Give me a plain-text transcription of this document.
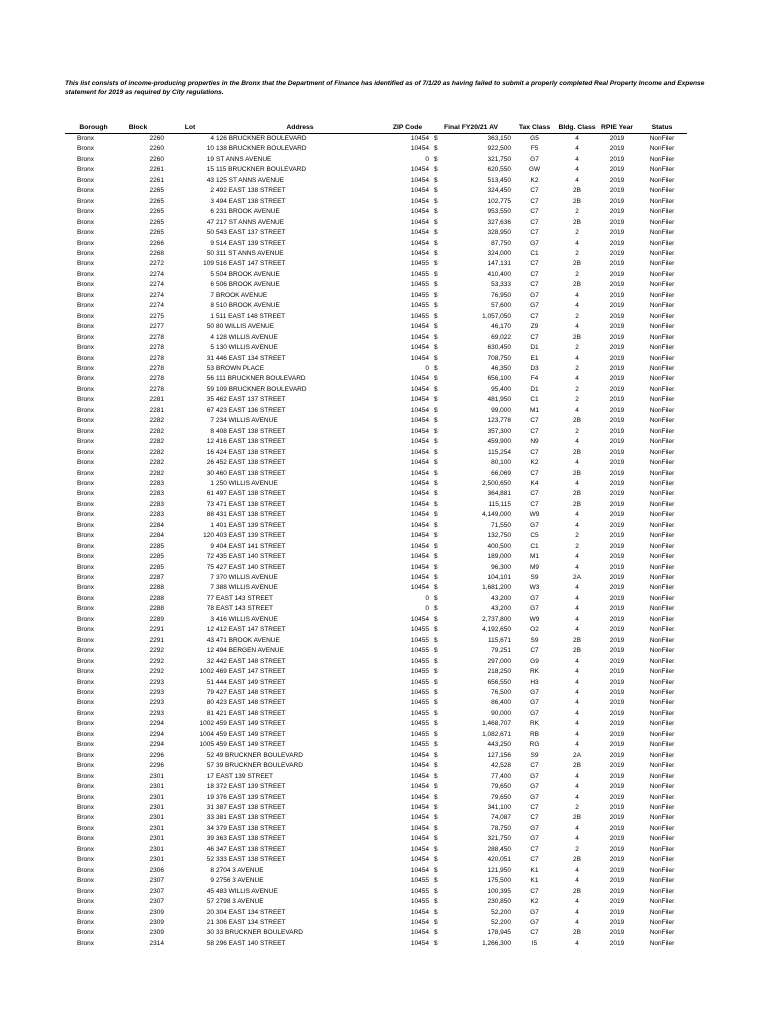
This list consists of income-producing properties in the Bronx that the Department of Finance has identified as of 7/1/20 as having failed to submit a properly completed Real Property Income and Expense statement for 2019 as required by City regulations.
Borough	Block	Lot	Address	ZIP Code	Final FY20/21 AV	Tax Class	Bldg. Class	RPIE Year	Status
Bronx	2260	4	126 BRUCKNER BOULEVARD	10454	$ 363,150	G5	4	2019	NonFiler
Bronx	2260	10	138 BRUCKNER BOULEVARD	10454	$ 922,500	F5	4	2019	NonFiler
Bronx	2260	19	ST ANNS AVENUE	0	$ 321,750	G7	4	2019	NonFiler
Bronx	2261	15	115 BRUCKNER BOULEVARD	10454	$ 620,550	GW	4	2019	NonFiler
Bronx	2261	43	125 ST ANNS AVENUE	10454	$ 513,450	K2	4	2019	NonFiler
Bronx	2265	2	492 EAST 138 STREET	10454	$ 324,450	C7	2B	2019	NonFiler
Bronx	2265	3	494 EAST 138 STREET	10454	$ 102,775	C7	2B	2019	NonFiler
Bronx	2265	6	231 BROOK AVENUE	10454	$ 953,550	C7	2	2019	NonFiler
Bronx	2265	47	217 ST ANNS AVENUE	10454	$ 327,636	C7	2B	2019	NonFiler
Bronx	2265	50	543 EAST 137 STREET	10454	$ 328,950	C7	2	2019	NonFiler
Bronx	2266	9	514 EAST 139 STREET	10454	$ 87,750	G7	4	2019	NonFiler
Bronx	2268	50	311 ST ANNS AVENUE	10454	$ 324,000	C1	2	2019	NonFiler
Bronx	2272	109	516 EAST 147 STREET	10455	$ 147,131	C7	2B	2019	NonFiler
Bronx	2274	5	504 BROOK AVENUE	10455	$ 410,400	C7	2	2019	NonFiler
Bronx	2274	6	506 BROOK AVENUE	10455	$ 53,333	C7	2B	2019	NonFiler
Bronx	2274	7	BROOK AVENUE	10455	$ 76,950	G7	4	2019	NonFiler
Bronx	2274	8	510 BROOK AVENUE	10455	$ 57,600	G7	4	2019	NonFiler
Bronx	2275	1	511 EAST 148 STREET	10455	$ 1,057,050	C7	2	2019	NonFiler
Bronx	2277	50	80 WILLIS AVENUE	10454	$ 46,170	Z9	4	2019	NonFiler
Bronx	2278	4	128 WILLIS AVENUE	10454	$ 69,022	C7	2B	2019	NonFiler
Bronx	2278	5	130 WILLIS AVENUE	10454	$ 630,450	D1	2	2019	NonFiler
Bronx	2278	31	446 EAST 134 STREET	10454	$ 708,750	E1	4	2019	NonFiler
Bronx	2278	53	BROWN PLACE	0	$ 46,350	D3	2	2019	NonFiler
Bronx	2278	56	111 BRUCKNER BOULEVARD	10454	$ 656,100	F4	4	2019	NonFiler
Bronx	2278	59	109 BRUCKNER BOULEVARD	10454	$ 95,400	D1	2	2019	NonFiler
Bronx	2281	35	462 EAST 137 STREET	10454	$ 481,950	C1	2	2019	NonFiler
Bronx	2281	67	423 EAST 136 STREET	10454	$ 99,000	M1	4	2019	NonFiler
Bronx	2282	7	234 WILLIS AVENUE	10454	$ 123,778	C7	2B	2019	NonFiler
Bronx	2282	8	408 EAST 138 STREET	10454	$ 357,300	C7	2	2019	NonFiler
Bronx	2282	12	416 EAST 138 STREET	10454	$ 459,900	N9	4	2019	NonFiler
Bronx	2282	16	424 EAST 138 STREET	10454	$ 115,254	C7	2B	2019	NonFiler
Bronx	2282	26	452 EAST 138 STREET	10454	$ 80,100	K2	4	2019	NonFiler
Bronx	2282	30	460 EAST 138 STREET	10454	$ 66,069	C7	2B	2019	NonFiler
Bronx	2283	1	250 WILLIS AVENUE	10454	$ 2,500,650	K4	4	2019	NonFiler
Bronx	2283	61	497 EAST 138 STREET	10454	$ 364,881	C7	2B	2019	NonFiler
Bronx	2283	73	471 EAST 138 STREET	10454	$ 115,115	C7	2B	2019	NonFiler
Bronx	2283	88	431 EAST 138 STREET	10454	$ 4,149,000	W9	4	2019	NonFiler
Bronx	2284	1	401 EAST 139 STREET	10454	$ 71,550	G7	4	2019	NonFiler
Bronx	2284	120	403 EAST 139 STREET	10454	$ 132,750	C5	2	2019	NonFiler
Bronx	2285	9	404 EAST 141 STREET	10454	$ 400,500	C1	2	2019	NonFiler
Bronx	2285	72	435 EAST 140 STREET	10454	$ 189,000	M1	4	2019	NonFiler
Bronx	2285	75	427 EAST 140 STREET	10454	$ 96,300	M9	4	2019	NonFiler
Bronx	2287	7	370 WILLIS AVENUE	10454	$ 104,101	S9	2A	2019	NonFiler
Bronx	2288	7	388 WILLIS AVENUE	10454	$ 1,681,200	W3	4	2019	NonFiler
Bronx	2288	77	EAST 143 STREET	0	$ 43,200	G7	4	2019	NonFiler
Bronx	2288	78	EAST 143 STREET	0	$ 43,200	G7	4	2019	NonFiler
Bronx	2289	3	416 WILLIS AVENUE	10454	$ 2,737,800	W9	4	2019	NonFiler
Bronx	2291	12	412 EAST 147 STREET	10455	$ 4,192,650	O2	4	2019	NonFiler
Bronx	2291	43	471 BROOK AVENUE	10455	$ 115,671	S9	2B	2019	NonFiler
Bronx	2292	12	494 BERGEN AVENUE	10455	$ 79,251	C7	2B	2019	NonFiler
Bronx	2292	32	442 EAST 148 STREET	10455	$ 297,000	G9	4	2019	NonFiler
Bronx	2292	1002	469 EAST 147 STREET	10455	$ 218,250	RK	4	2019	NonFiler
Bronx	2293	51	444 EAST 149 STREET	10455	$ 656,550	H3	4	2019	NonFiler
Bronx	2293	79	427 EAST 148 STREET	10455	$ 76,500	G7	4	2019	NonFiler
Bronx	2293	80	423 EAST 148 STREET	10455	$ 86,400	G7	4	2019	NonFiler
Bronx	2293	81	421 EAST 148 STREET	10455	$ 90,000	G7	4	2019	NonFiler
Bronx	2294	1002	459 EAST 149 STREET	10455	$ 1,468,707	RK	4	2019	NonFiler
Bronx	2294	1004	459 EAST 149 STREET	10455	$ 1,082,671	RB	4	2019	NonFiler
Bronx	2294	1005	459 EAST 149 STREET	10455	$ 443,250	RG	4	2019	NonFiler
Bronx	2296	52	49 BRUCKNER BOULEVARD	10454	$ 127,156	S9	2A	2019	NonFiler
Bronx	2296	57	39 BRUCKNER BOULEVARD	10454	$ 42,528	C7	2B	2019	NonFiler
Bronx	2301	17	EAST 139 STREET	10454	$ 77,400	G7	4	2019	NonFiler
Bronx	2301	18	372 EAST 139 STREET	10454	$ 79,650	G7	4	2019	NonFiler
Bronx	2301	19	376 EAST 139 STREET	10454	$ 79,650	G7	4	2019	NonFiler
Bronx	2301	31	387 EAST 138 STREET	10454	$ 341,100	C7	2	2019	NonFiler
Bronx	2301	33	381 EAST 138 STREET	10454	$ 74,087	C7	2B	2019	NonFiler
Bronx	2301	34	379 EAST 138 STREET	10454	$ 78,750	G7	4	2019	NonFiler
Bronx	2301	39	363 EAST 138 STREET	10454	$ 321,750	G7	4	2019	NonFiler
Bronx	2301	46	347 EAST 138 STREET	10454	$ 288,450	C7	2	2019	NonFiler
Bronx	2301	52	333 EAST 138 STREET	10454	$ 420,051	C7	2B	2019	NonFiler
Bronx	2306	8	2704 3 AVENUE	10454	$ 121,950	K1	4	2019	NonFiler
Bronx	2307	9	2756 3 AVENUE	10455	$ 175,500	K1	4	2019	NonFiler
Bronx	2307	45	483 WILLIS AVENUE	10455	$ 100,395	C7	2B	2019	NonFiler
Bronx	2307	57	2798 3 AVENUE	10455	$ 230,850	K2	4	2019	NonFiler
Bronx	2309	20	304 EAST 134 STREET	10454	$ 52,200	G7	4	2019	NonFiler
Bronx	2309	21	306 EAST 134 STREET	10454	$ 52,200	G7	4	2019	NonFiler
Bronx	2309	30	33 BRUCKNER BOULEVARD	10454	$ 178,945	C7	2B	2019	NonFiler
Bronx	2314	58	296 EAST 140 STREET	10454	$ 1,266,300	I5	4	2019	NonFiler
